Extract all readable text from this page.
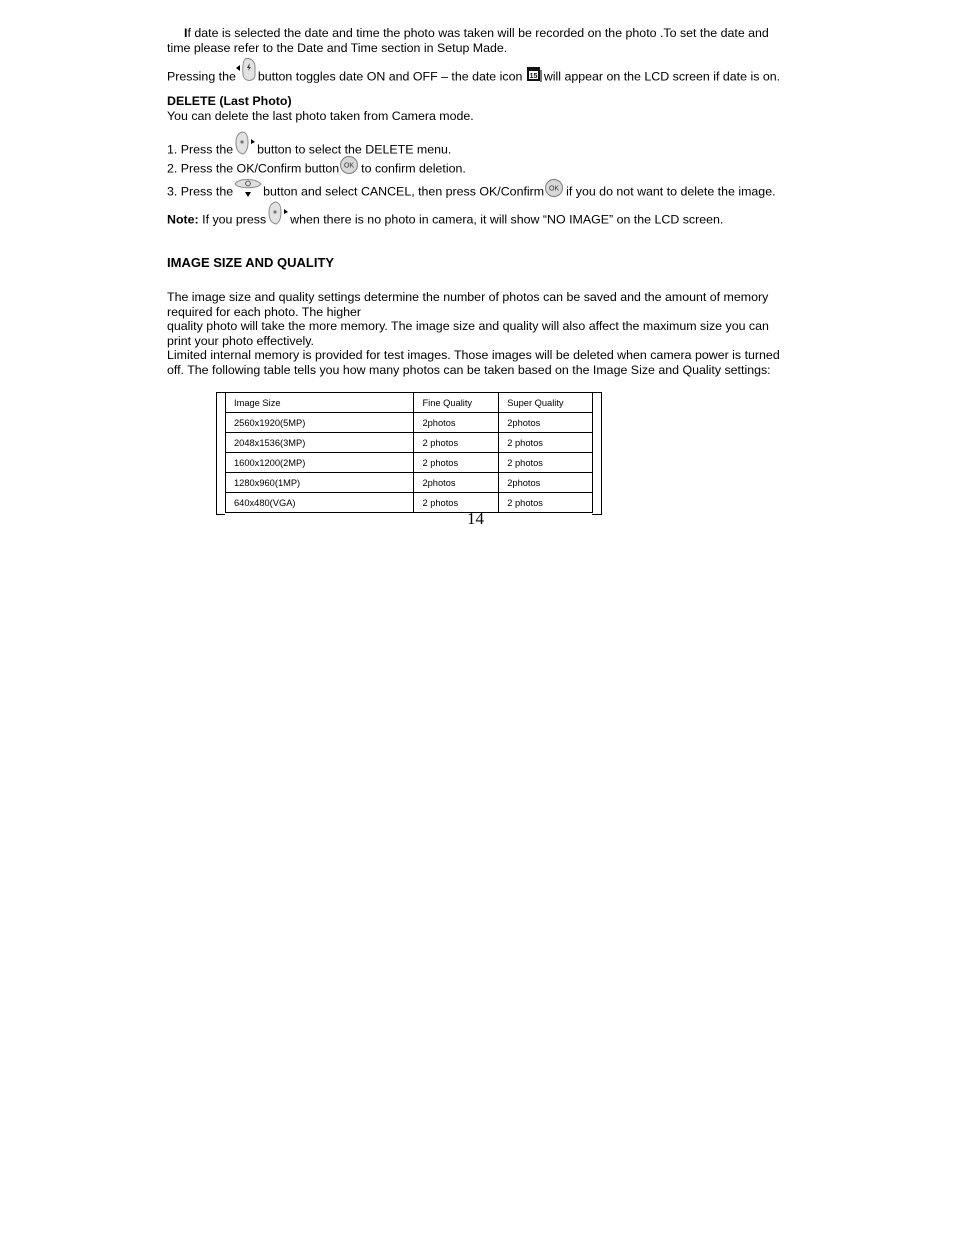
If date is selected the date and time the photo was taken will be recorded on the photo .To set the date and time please refer to the Date and Time section in Setup Made.

Pressing the button toggles date ON and OFF – the date icon 15 will appear on the LCD screen if date is on.

DELETE (Last Photo)

You can delete the last photo taken from Camera mode.

1. Press the button to select the DELETE menu.

2. Press the OK/Confirm button OK to confirm deletion.

3. Press the button and select CANCEL, then press OK/Confirm OK if you do not want to delete the image.

Note: If you press when there is no photo in camera, it will show “NO IMAGE” on the LCD screen.

IMAGE SIZE AND QUALITY

The image size and quality settings determine the number of photos can be saved and the amount of memory required for each photo. The higher

quality photo will take the more memory. The image size and quality will also affect the maximum size you can print your photo effectively.

Limited internal memory is provided for test images. Those images will be deleted when camera power is turned off. The following table tells you how many photos can be taken based on the Image Size and Quality settings:

Image Size	Fine Quality	Super Quality
2560x1920(5MP)	2photos	2photos
2048x1536(3MP)	2 photos	2 photos
1600x1200(2MP)	2 photos	2 photos
1280x960(1MP)	2photos	2photos
640x480(VGA)	2 photos	2 photos
14
